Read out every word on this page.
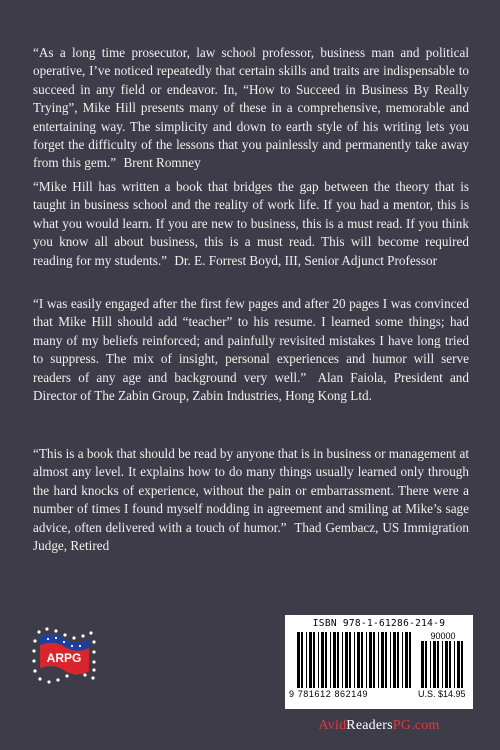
“As a long time prosecutor, law school professor, business man and political operative, I’ve noticed repeatedly that certain skills and traits are indispensable to succeed in any field or endeavor. In, “How to Succeed in Business By Really Trying”, Mike Hill presents many of these in a comprehensive, memorable and entertaining way. The simplicity and down to earth style of his writing lets you forget the difficulty of the lessons that you painlessly and permanently take away from this gem.” Brent Romney

“Mike Hill has written a book that bridges the gap between the theory that is taught in business school and the reality of work life. If you had a mentor, this is what you would learn. If you are new to business, this is a must read. If you think you know all about business, this is a must read. This will become required reading for my students.” Dr. E. Forrest Boyd, III, Senior Adjunct Professor

“I was easily engaged after the first few pages and after 20 pages I was convinced that Mike Hill should add “teacher” to his resume. I learned some things; had many of my beliefs reinforced; and painfully revisited mistakes I have long tried to suppress. The mix of insight, personal experiences and humor will serve readers of any age and background very well.” Alan Faiola, President and Director of The Zabin Group, Zabin Industries, Hong Kong Ltd.

“This is a book that should be read by anyone that is in business or management at almost any level. It explains how to do many things usually learned only through the hard knocks of experience, without the pain or embarrassment. There were a number of times I found myself nodding in agreement and smiling at Mike’s sage advice, often delivered with a touch of humor.” Thad Gembacz, US Immigration Judge, Retired

ARPG
ISBN 978-1-61286-214-9
90000
9 781612 862149	U.S. $14.95
AvidReadersPG.com
